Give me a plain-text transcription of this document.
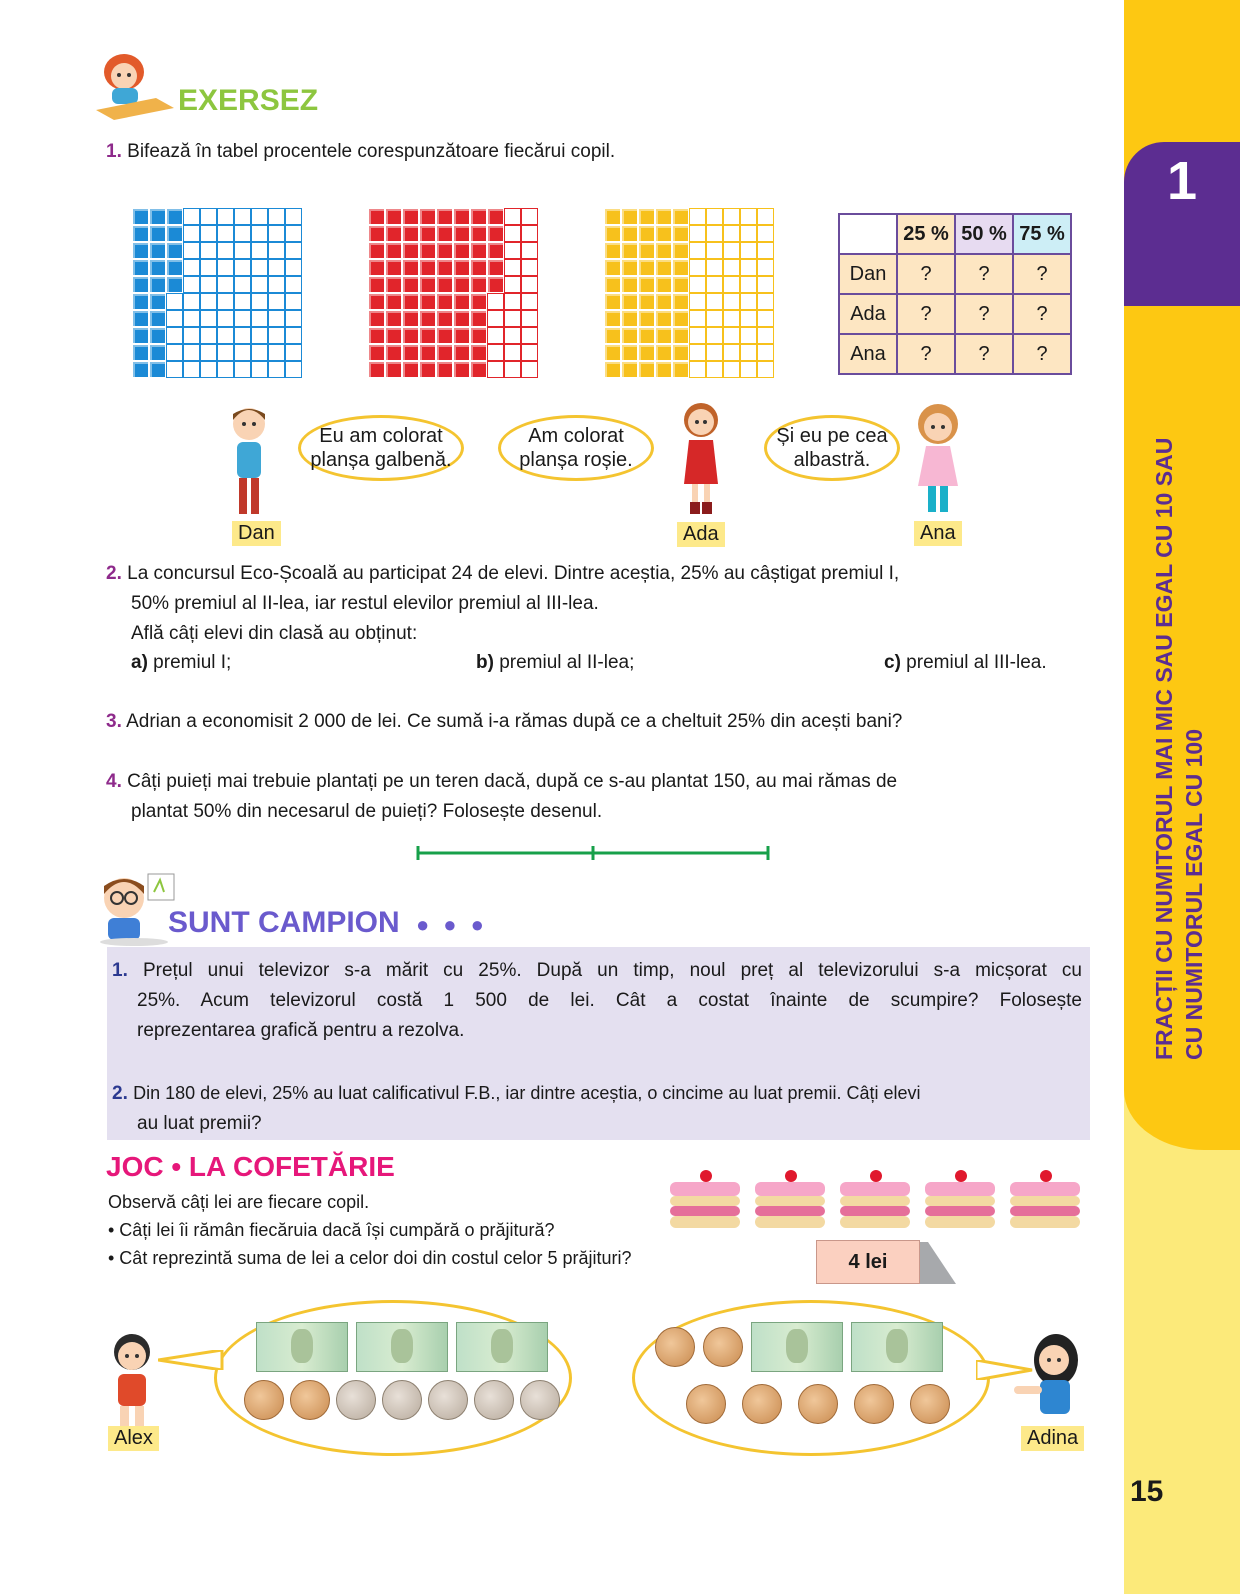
1
FRACȚII CU NUMITORUL MAI MIC SAU EGAL CU 10 SAU CU NUMITORUL EGAL CU 100
15
EXERSEZ
1. Bifează în tabel procentele corespunzătoare fiecărui copil.
	25 %	50 %	75 %
Dan	?	?	?
Ada	?	?	?
Ana	?	?	?
Eu am colorat
planșa galbenă.
Dan
Am colorat
planșa roșie.
Ada
Și eu pe cea
albastră.
Ana
2. La concursul Eco-Școală au participat 24 de elevi. Dintre aceștia, 25% au câștigat premiul I,
50% premiul al II-lea, iar restul elevilor premiul al III-lea.
Află câți elevi din clasă au obținut:
a) premiul I;	b) premiul al II-lea;	c) premiul al III-lea.
3. Adrian a economisit 2 000 de lei. Ce sumă i-a rămas după ce a cheltuit 25% din acești bani?
4. Câți puieți mai trebuie plantați pe un teren dacă, după ce s-au plantat 150, au mai rămas de
plantat 50% din necesarul de puieți? Folosește desenul.
SUNT CAMPION ●●●
1. Prețul unui televizor s-a mărit cu 25%. După un timp, noul preț al televizorului s-a micșorat cu
25%. Acum televizorul costă 1 500 de lei. Cât a costat înainte de scumpire? Folosește
reprezentarea grafică pentru a rezolva.
2. Din 180 de elevi, 25% au luat calificativul F.B., iar dintre aceștia, o cincime au luat premii. Câți elevi
au luat premii?
JOC • LA COFETĂRIE
Observă câți lei are fiecare copil.
• Câți lei îi rămân fiecăruia dacă își cumpără o prăjitură?
• Cât reprezintă suma de lei a celor doi din costul celor 5 prăjituri?	4 lei
Alex	Adina
